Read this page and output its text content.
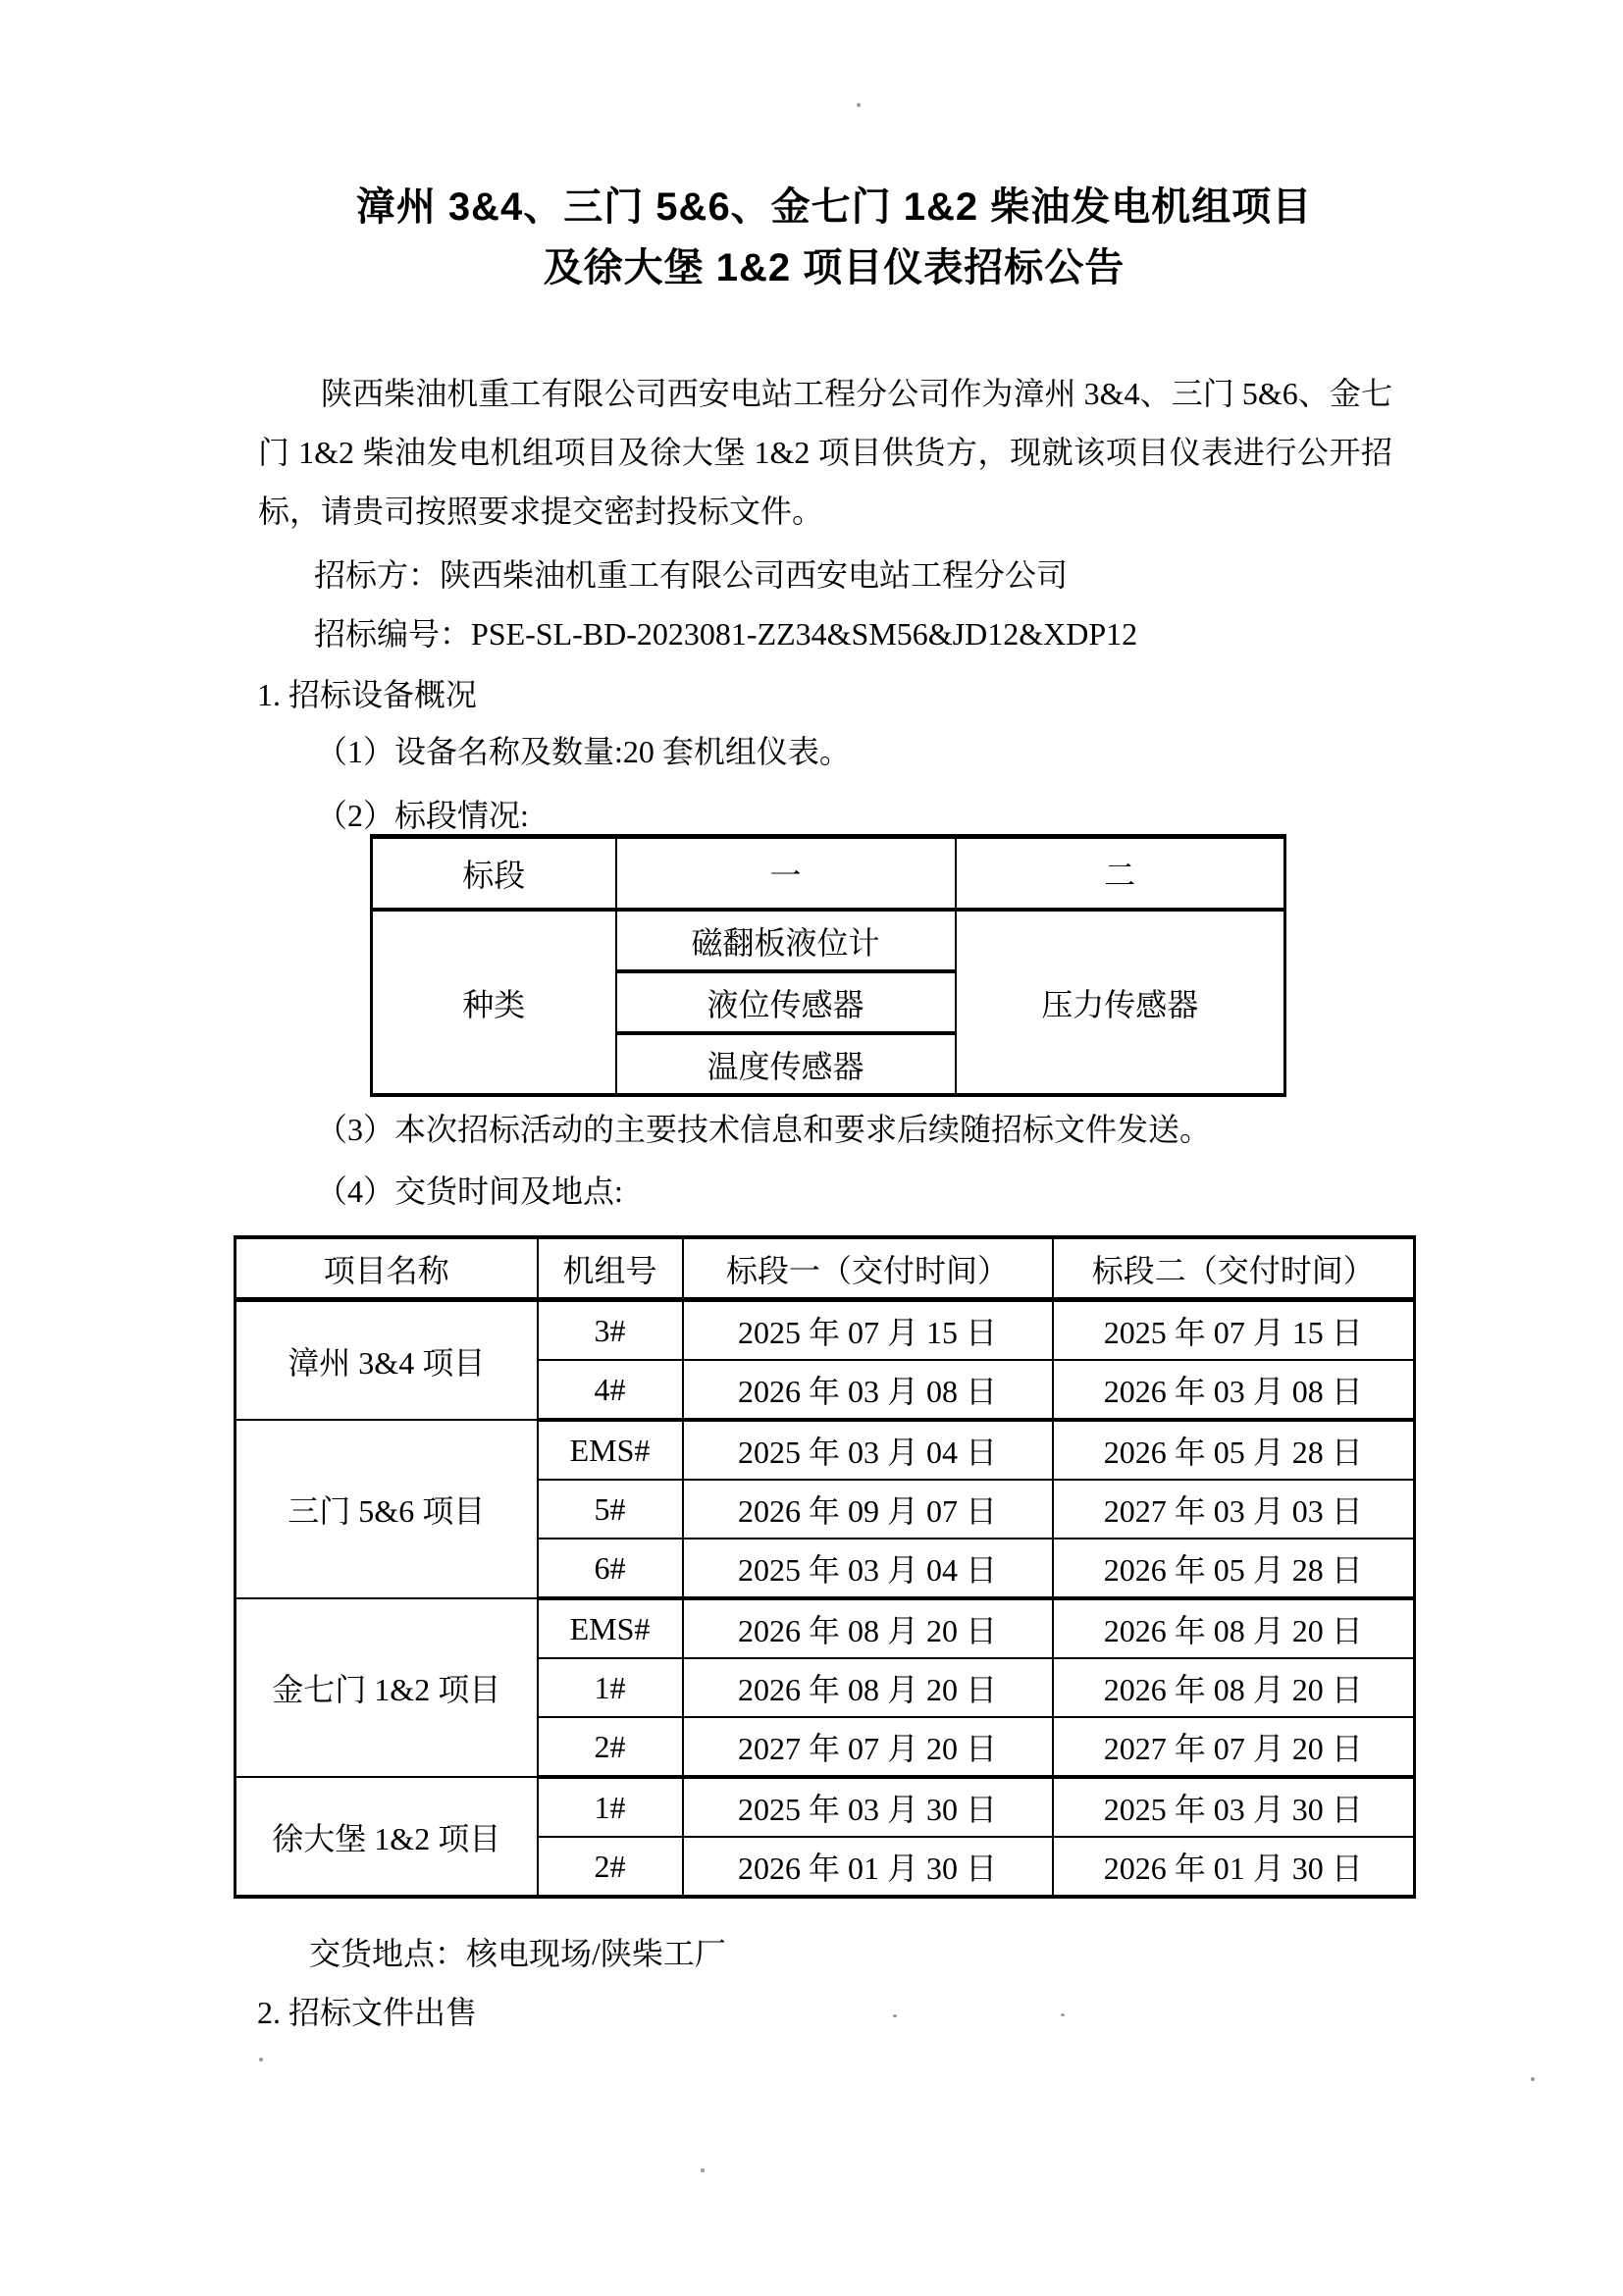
漳州 3&4、三门 5&6、金七门 1&2 柴油发电机组项目
及徐大堡 1&2 项目仪表招标公告

陕西柴油机重工有限公司西安电站工程分公司作为漳州 3&4、三门 5&6、金七门 1&2 柴油发电机组项目及徐大堡 1&2 项目供货方，现就该项目仪表进行公开招标，请贵司按照要求提交密封投标文件。

招标方：陕西柴油机重工有限公司西安电站工程分公司
招标编号：PSE-SL-BD-2023081-ZZ34&SM56&JD12&XDP12
1. 招标设备概况
（1）设备名称及数量:20 套机组仪表。
（2）标段情况:
标段	一	二
种类	磁翻板液位计	压力传感器
	液位传感器	
	温度传感器	
（3）本次招标活动的主要技术信息和要求后续随招标文件发送。
（4）交货时间及地点:
项目名称	机组号	标段一（交付时间）	标段二（交付时间）
漳州 3&4 项目	3#	2025 年 07 月 15 日	2025 年 07 月 15 日
	4#	2026 年 03 月 08 日	2026 年 03 月 08 日
三门 5&6 项目	EMS#	2025 年 03 月 04 日	2026 年 05 月 28 日
	5#	2026 年 09 月 07 日	2027 年 03 月 03 日
	6#	2025 年 03 月 04 日	2026 年 05 月 28 日
金七门 1&2 项目	EMS#	2026 年 08 月 20 日	2026 年 08 月 20 日
	1#	2026 年 08 月 20 日	2026 年 08 月 20 日
	2#	2027 年 07 月 20 日	2027 年 07 月 20 日
徐大堡 1&2 项目	1#	2025 年 03 月 30 日	2025 年 03 月 30 日
	2#	2026 年 01 月 30 日	2026 年 01 月 30 日
交货地点：核电现场/陕柴工厂
2. 招标文件出售
